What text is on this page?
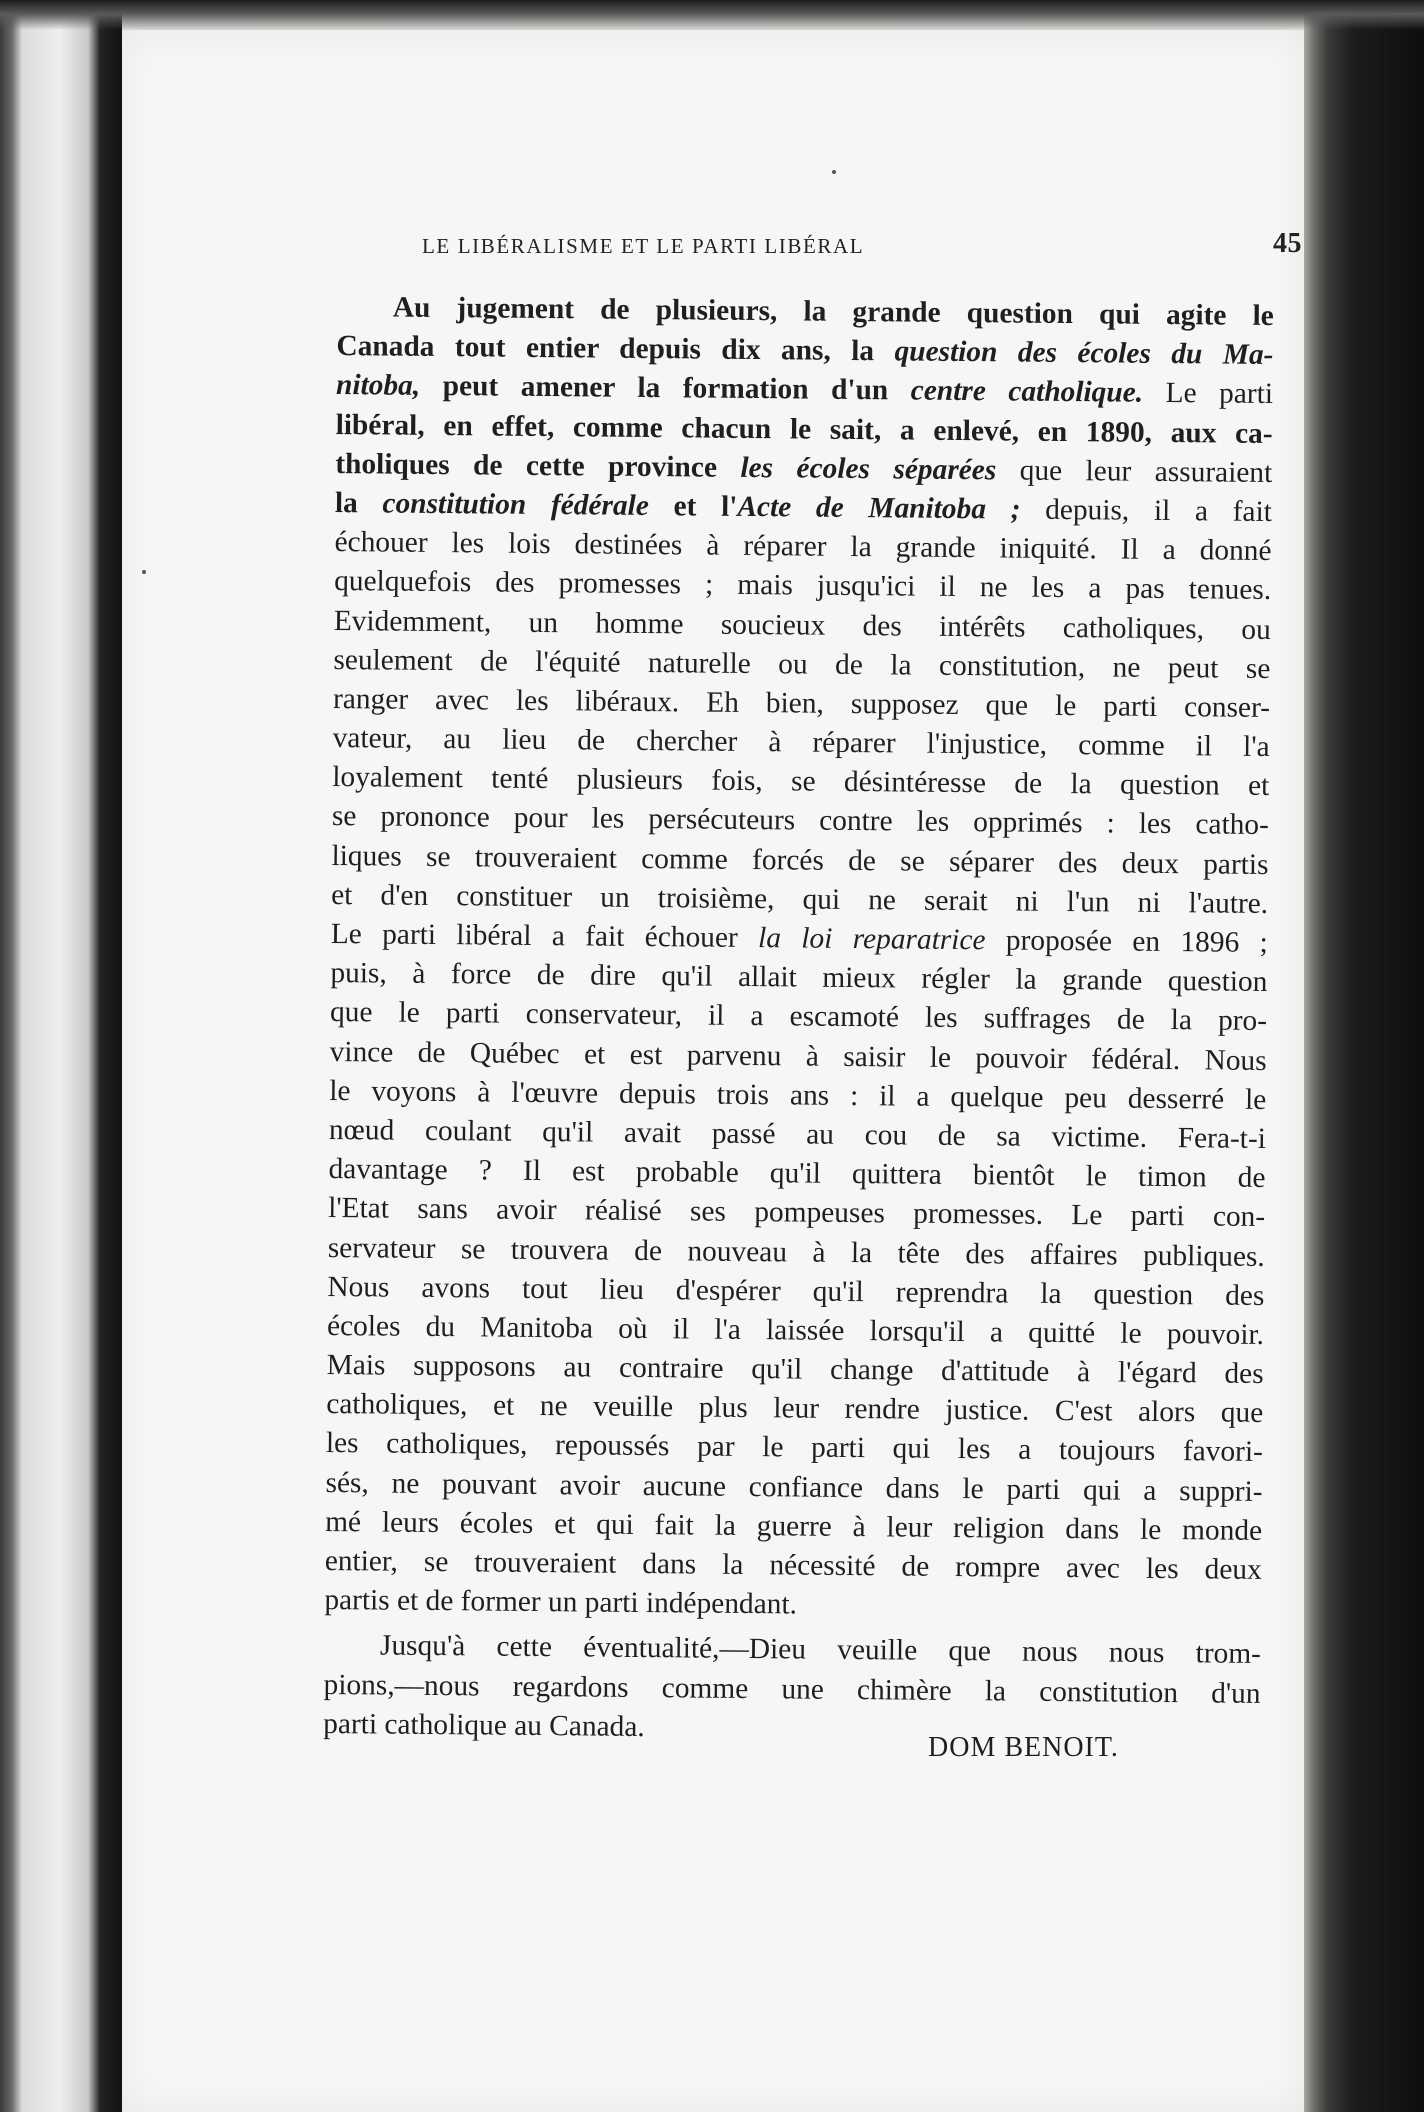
LE LIBÉRALISME ET LE PARTI LIBÉRAL	45
Au jugement de plusieurs, la grande question qui agite le
Canada tout entier depuis dix ans, la question des écoles du Ma-
nitoba, peut amener la formation d'un centre catholique. Le parti
libéral, en effet, comme chacun le sait, a enlevé, en 1890, aux ca-
tholiques de cette province les écoles séparées que leur assuraient
la constitution fédérale et l'Acte de Manitoba ; depuis, il a fait
échouer les lois destinées à réparer la grande iniquité. Il a donné
quelquefois des promesses ; mais jusqu'ici il ne les a pas tenues.
Evidemment, un homme soucieux des intérêts catholiques, ou
seulement de l'équité naturelle ou de la constitution, ne peut se
ranger avec les libéraux. Eh bien, supposez que le parti conser-
vateur, au lieu de chercher à réparer l'injustice, comme il l'a
loyalement tenté plusieurs fois, se désintéresse de la question et
se prononce pour les persécuteurs contre les opprimés : les catho-
liques se trouveraient comme forcés de se séparer des deux partis
et d'en constituer un troisième, qui ne serait ni l'un ni l'autre.
Le parti libéral a fait échouer la loi reparatrice proposée en 1896 ;
puis, à force de dire qu'il allait mieux régler la grande question
que le parti conservateur, il a escamoté les suffrages de la pro-
vince de Québec et est parvenu à saisir le pouvoir fédéral. Nous
le voyons à l'œuvre depuis trois ans : il a quelque peu desserré le
nœud coulant qu'il avait passé au cou de sa victime. Fera-t-i
davantage ? Il est probable qu'il quittera bientôt le timon de
l'Etat sans avoir réalisé ses pompeuses promesses. Le parti con-
servateur se trouvera de nouveau à la tête des affaires publiques.
Nous avons tout lieu d'espérer qu'il reprendra la question des
écoles du Manitoba où il l'a laissée lorsqu'il a quitté le pouvoir.
Mais supposons au contraire qu'il change d'attitude à l'égard des
catholiques, et ne veuille plus leur rendre justice. C'est alors que
les catholiques, repoussés par le parti qui les a toujours favori-
sés, ne pouvant avoir aucune confiance dans le parti qui a suppri-
mé leurs écoles et qui fait la guerre à leur religion dans le monde
entier, se trouveraient dans la nécessité de rompre avec les deux
partis et de former un parti indépendant.
Jusqu'à cette éventualité,—Dieu veuille que nous nous trom-
pions,—nous regardons comme une chimère la constitution d'un
parti catholique au Canada.
DOM BENOIT.
